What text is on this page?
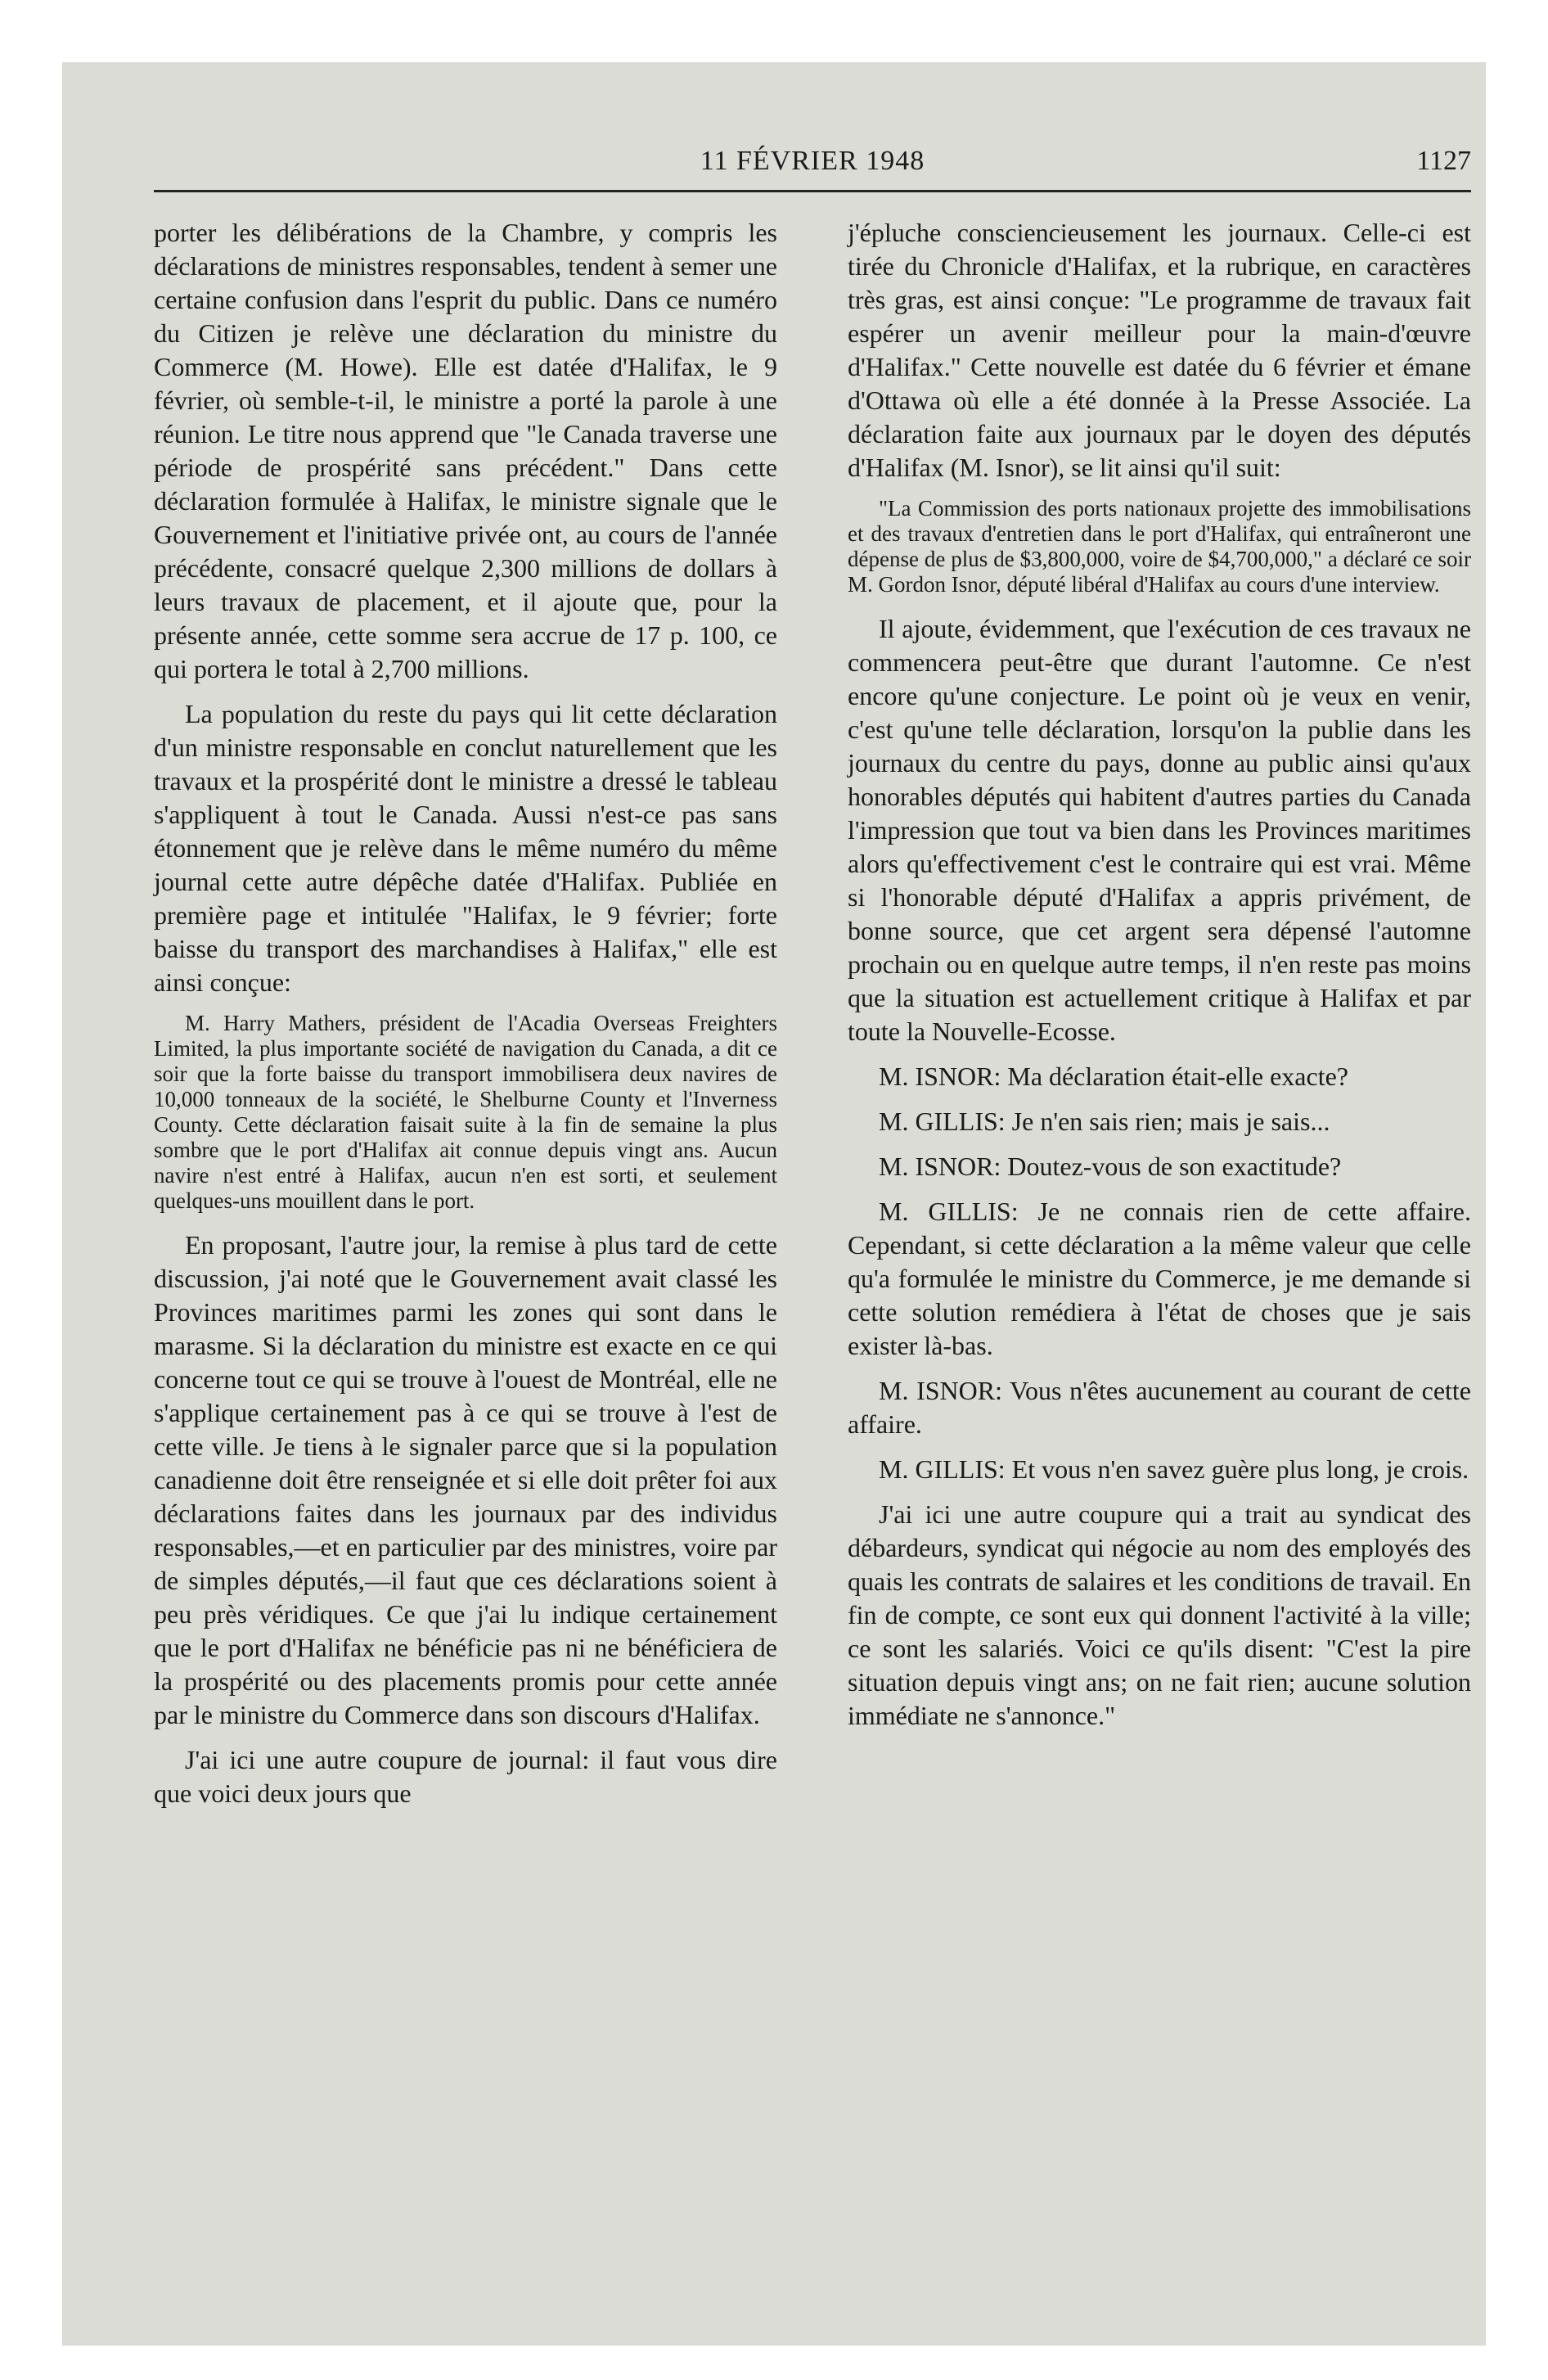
11 FÉVRIER 1948	1127

porter les délibérations de la Chambre, y compris les déclarations de ministres responsables, tendent à semer une certaine confusion dans l'esprit du public. Dans ce numéro du Citizen je relève une déclaration du ministre du Commerce (M. Howe). Elle est datée d'Halifax, le 9 février, où semble-t-il, le ministre a porté la parole à une réunion. Le titre nous apprend que "le Canada traverse une période de prospérité sans précédent." Dans cette déclaration formulée à Halifax, le ministre signale que le Gouvernement et l'initiative privée ont, au cours de l'année précédente, consacré quelque 2,300 millions de dollars à leurs travaux de placement, et il ajoute que, pour la présente année, cette somme sera accrue de 17 p. 100, ce qui portera le total à 2,700 millions.

La population du reste du pays qui lit cette déclaration d'un ministre responsable en conclut naturellement que les travaux et la prospérité dont le ministre a dressé le tableau s'appliquent à tout le Canada. Aussi n'est-ce pas sans étonnement que je relève dans le même numéro du même journal cette autre dépêche datée d'Halifax. Publiée en première page et intitulée "Halifax, le 9 février; forte baisse du transport des marchandises à Halifax," elle est ainsi conçue:

M. Harry Mathers, président de l'Acadia Overseas Freighters Limited, la plus importante société de navigation du Canada, a dit ce soir que la forte baisse du transport immobilisera deux navires de 10,000 tonneaux de la société, le Shelburne County et l'Inverness County. Cette déclaration faisait suite à la fin de semaine la plus sombre que le port d'Halifax ait connue depuis vingt ans. Aucun navire n'est entré à Halifax, aucun n'en est sorti, et seulement quelques-uns mouillent dans le port.

En proposant, l'autre jour, la remise à plus tard de cette discussion, j'ai noté que le Gouvernement avait classé les Provinces maritimes parmi les zones qui sont dans le marasme. Si la déclaration du ministre est exacte en ce qui concerne tout ce qui se trouve à l'ouest de Montréal, elle ne s'applique certainement pas à ce qui se trouve à l'est de cette ville. Je tiens à le signaler parce que si la population canadienne doit être renseignée et si elle doit prêter foi aux déclarations faites dans les journaux par des individus responsables,—et en particulier par des ministres, voire par de simples députés,—il faut que ces déclarations soient à peu près véridiques. Ce que j'ai lu indique certainement que le port d'Halifax ne bénéficie pas ni ne bénéficiera de la prospérité ou des placements promis pour cette année par le ministre du Commerce dans son discours d'Halifax.

J'ai ici une autre coupure de journal: il faut vous dire que voici deux jours que

j'épluche consciencieusement les journaux. Celle-ci est tirée du Chronicle d'Halifax, et la rubrique, en caractères très gras, est ainsi conçue: "Le programme de travaux fait espérer un avenir meilleur pour la main-d'œuvre d'Halifax." Cette nouvelle est datée du 6 février et émane d'Ottawa où elle a été donnée à la Presse Associée. La déclaration faite aux journaux par le doyen des députés d'Halifax (M. Isnor), se lit ainsi qu'il suit:

"La Commission des ports nationaux projette des immobilisations et des travaux d'entretien dans le port d'Halifax, qui entraîneront une dépense de plus de $3,800,000, voire de $4,700,000," a déclaré ce soir M. Gordon Isnor, député libéral d'Halifax au cours d'une interview.

Il ajoute, évidemment, que l'exécution de ces travaux ne commencera peut-être que durant l'automne. Ce n'est encore qu'une conjecture. Le point où je veux en venir, c'est qu'une telle déclaration, lorsqu'on la publie dans les journaux du centre du pays, donne au public ainsi qu'aux honorables députés qui habitent d'autres parties du Canada l'impression que tout va bien dans les Provinces maritimes alors qu'effectivement c'est le contraire qui est vrai. Même si l'honorable député d'Halifax a appris privément, de bonne source, que cet argent sera dépensé l'automne prochain ou en quelque autre temps, il n'en reste pas moins que la situation est actuellement critique à Halifax et par toute la Nouvelle-Ecosse.

M. ISNOR: Ma déclaration était-elle exacte?

M. GILLIS: Je n'en sais rien; mais je sais...

M. ISNOR: Doutez-vous de son exactitude?

M. GILLIS: Je ne connais rien de cette affaire. Cependant, si cette déclaration a la même valeur que celle qu'a formulée le ministre du Commerce, je me demande si cette solution remédiera à l'état de choses que je sais exister là-bas.

M. ISNOR: Vous n'êtes aucunement au courant de cette affaire.

M. GILLIS: Et vous n'en savez guère plus long, je crois.

J'ai ici une autre coupure qui a trait au syndicat des débardeurs, syndicat qui négocie au nom des employés des quais les contrats de salaires et les conditions de travail. En fin de compte, ce sont eux qui donnent l'activité à la ville; ce sont les salariés. Voici ce qu'ils disent: "C'est la pire situation depuis vingt ans; on ne fait rien; aucune solution immédiate ne s'annonce."
